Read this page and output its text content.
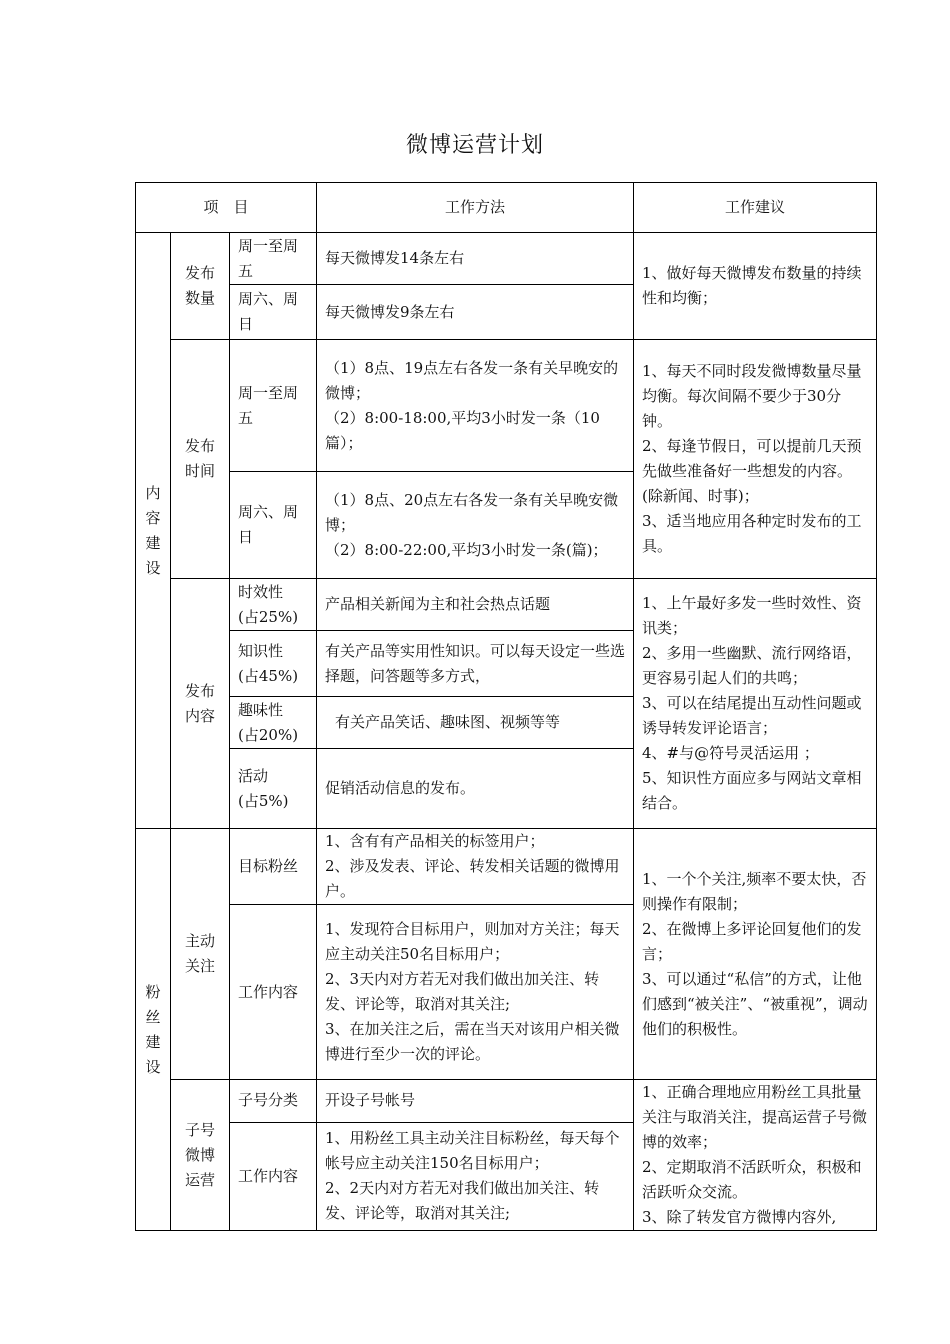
微博运营计划
项　目			工作方法	工作建议

内容建设	发布数量	周一至周五	每天微博发14条左右	1、做好每天微博发布数量的持续性和均衡；
		周六、周日	每天微博发9条左右	
	发布时间	周一至周五	（1）8点、19点左右各发一条有关早晚安的微博；
（2）8:00-18:00,平均3小时发一条（10篇）；	1、每天不同时段发微博数量尽量均衡。每次间隔不要少于30分钟。
2、每逢节假日，可以提前几天预先做些准备好一些想发的内容。(除新闻、时事)；
3、适当地应用各种定时发布的工具。

		周六、周日	（1）8点、20点左右各发一条有关早晚安微博；
（2）8:00-22:00,平均3小时发一条(篇)；	

	发布内容	时效性
(占25%)	产品相关新闻为主和社会热点话题	1、上午最好多发一些时效性、资讯类；
2、多用一些幽默、流行网络语，更容易引起人们的共鸣；
3、可以在结尾提出互动性问题或诱导转发评论语言；
4、#与@符号灵活运用 ；
5、知识性方面应多与网站文章相结合。

		知识性
(占45%)	有关产品等实用性知识。可以每天设定一些选择题，问答题等多方式，	

		趣味性
(占20%)	有关产品笑话、趣味图、视频等等	

		活动
(占5%)	促销活动信息的发布。	

粉丝建设	主动关注	目标粉丝	1、含有有产品相关的标签用户；
2、涉及发表、评论、转发相关话题的微博用户。	1、一个个关注,频率不要太快，否则操作有限制；
2、在微博上多评论回复他们的发言；
3、可以通过“私信”的方式，让他们感到“被关注”、“被重视”，调动他们的积极性。

		工作内容	1、发现符合目标用户，则加对方关注；每天应主动关注50名目标用户；
2、3天内对方若无对我们做出加关注、转发、评论等，取消对其关注;
3、在加关注之后，需在当天对该用户相关微博进行至少一次的评论。	

	子号微博运营	子号分类	开设子号帐号	1、正确合理地应用粉丝工具批量关注与取消关注，提高运营子号微博的效率；
2、定期取消不活跃听众，积极和活跃听众交流。
3、除了转发官方微博内容外,

		工作内容	1、用粉丝工具主动关注目标粉丝，每天每个帐号应主动关注150名目标用户；
2、2天内对方若无对我们做出加关注、转发、评论等，取消对其关注;	
